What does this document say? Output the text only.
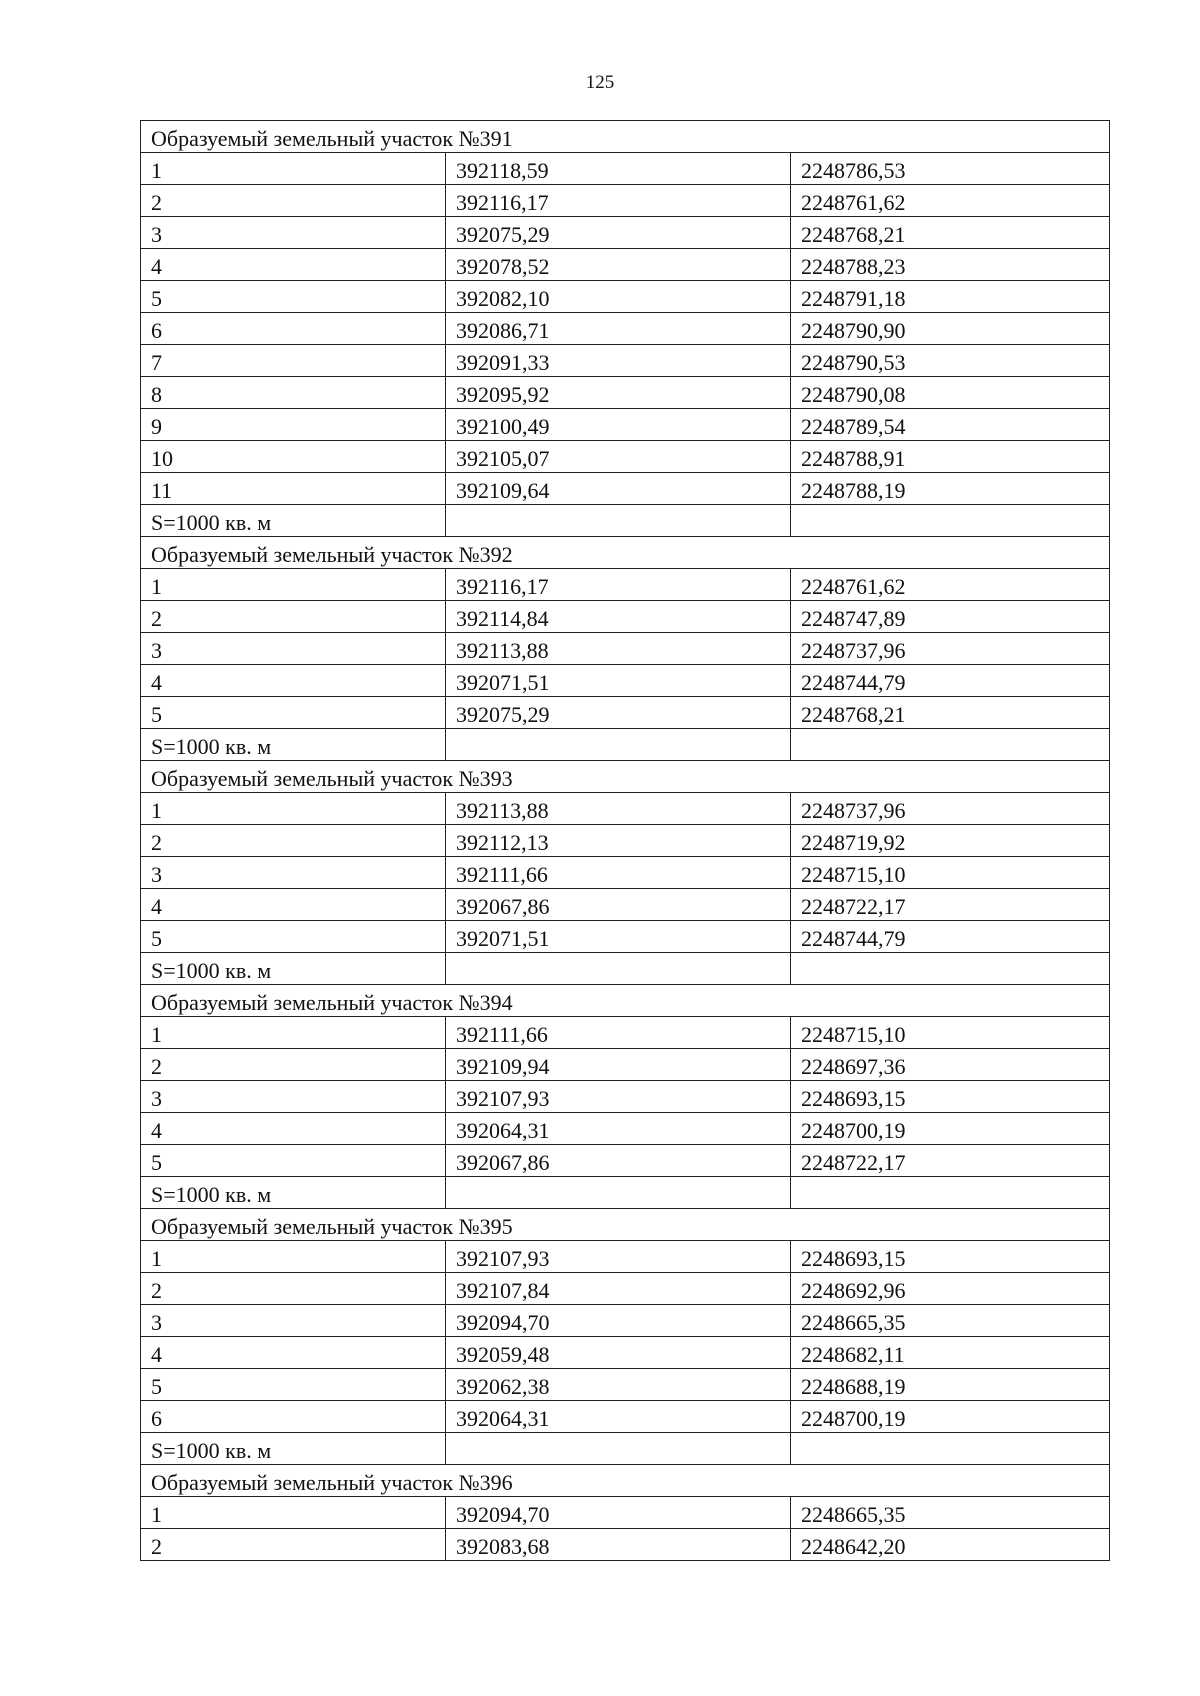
125
Образуемый земельный участок №391		
1	392118,59	2248786,53
2	392116,17	2248761,62
3	392075,29	2248768,21
4	392078,52	2248788,23
5	392082,10	2248791,18
6	392086,71	2248790,90
7	392091,33	2248790,53
8	392095,92	2248790,08
9	392100,49	2248789,54
10	392105,07	2248788,91
11	392109,64	2248788,19
S=1000 кв. м		
Образуемый земельный участок №392		
1	392116,17	2248761,62
2	392114,84	2248747,89
3	392113,88	2248737,96
4	392071,51	2248744,79
5	392075,29	2248768,21
S=1000 кв. м		
Образуемый земельный участок №393		
1	392113,88	2248737,96
2	392112,13	2248719,92
3	392111,66	2248715,10
4	392067,86	2248722,17
5	392071,51	2248744,79
S=1000 кв. м		
Образуемый земельный участок №394		
1	392111,66	2248715,10
2	392109,94	2248697,36
3	392107,93	2248693,15
4	392064,31	2248700,19
5	392067,86	2248722,17
S=1000 кв. м		
Образуемый земельный участок №395		
1	392107,93	2248693,15
2	392107,84	2248692,96
3	392094,70	2248665,35
4	392059,48	2248682,11
5	392062,38	2248688,19
6	392064,31	2248700,19
S=1000 кв. м		
Образуемый земельный участок №396		
1	392094,70	2248665,35
2	392083,68	2248642,20
